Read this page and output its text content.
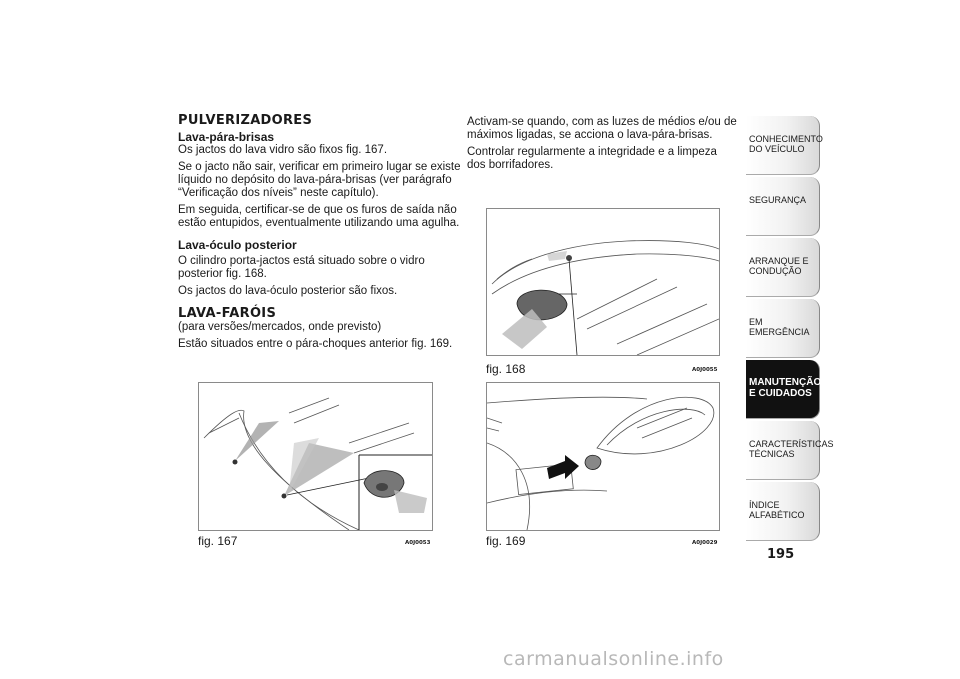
PULVERIZADORES
Lava-pára-brisas

Os jactos do lava vidro são fixos fig. 167.

Se o jacto não sair, verificar em primeiro lugar se existe líquido no depósito do lava-pára-brisas (ver parágrafo “Verificação dos níveis” neste capítulo).

Em seguida, certificar-se de que os furos de saída não estão entupidos, eventualmente utilizando uma agulha.

Lava-óculo posterior

O cilindro porta-jactos está situado sobre o vidro posterior fig. 168.

Os jactos do lava-óculo posterior são fixos.

LAVA-FARÓIS

(para versões/mercados, onde previsto)

Estão situados entre o pára-choques anterior fig. 169.

Activam-se quando, com as luzes de médios e/ou de máximos ligadas, se acciona o lava-pára-brisas.

Controlar regularmente a integridade e a limpeza dos borrifadores.

fig. 167	A0J0053
fig. 168	A0J0055
fig. 169	A0J0029
CONHECIMENTO DO VEÍCULO
SEGURANÇA
ARRANQUE E CONDUÇÃO
EM EMERGÊNCIA
MANUTENÇÃO E CUIDADOS
CARACTERÍSTICAS TÉCNICAS
ÍNDICE ALFABÉTICO
195
carmanualsonline.info
